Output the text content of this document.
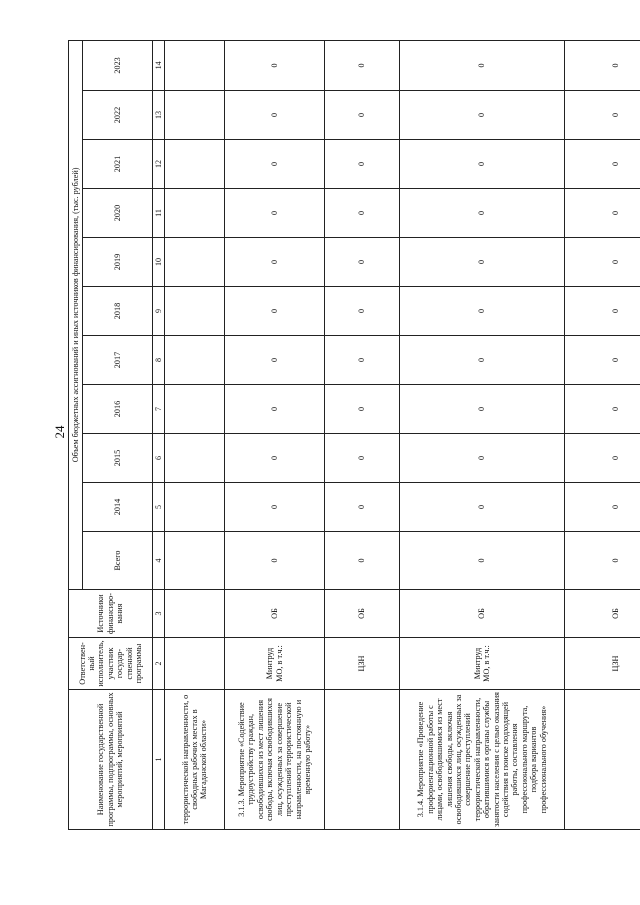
24
Наименование государственной программы, подпрограммы, основных мероприятий, мероприятий	Ответствен-ный исполнитель, участник государ-ственной программы	Источники финансиро-вания	Объем бюджетных ассигнований и иных источников финансирования, (тыс. рублей)										
			Всего	2014	2015	2016	2017	2018	2019	2020	2021	2022	2023
1	2	3	4	5	6	7	8	9	10	11	12	13	14
террористической направленности, о свободных рабочих местах в Магаданской области»													
3.1.3. Мероприятие «Содействие трудоустройству граждан, освободившихся из мест лишения свободы, включая освободившихся лиц, осужденных за совершение преступлений террористической направленности, на постоянную и временную работу»	Минтруд МО, в т.ч.:	ОБ	0	0	0	0	0	0	0	0	0	0	0
	ЦЗН	ОБ	0	0	0	0	0	0	0	0	0	0	0
3.1.4. Мероприятие «Проведение профориентационной работы с лицами, освободившимися из мест лишения свободы, включая освободившихся лиц, осужденных за совершение преступлений террористической направленности, обратившимися в органы службы занятости населения с целью оказания содействия в поиске подходящей работы, составления профессионального маршрута, подбора вариантов профессионального обучения»	Минтруд МО, в т.ч.:	ОБ	0	0	0	0	0	0	0	0	0	0	0
	ЦЗН	ОБ	0	0	0	0	0	0	0	0	0	0	0
